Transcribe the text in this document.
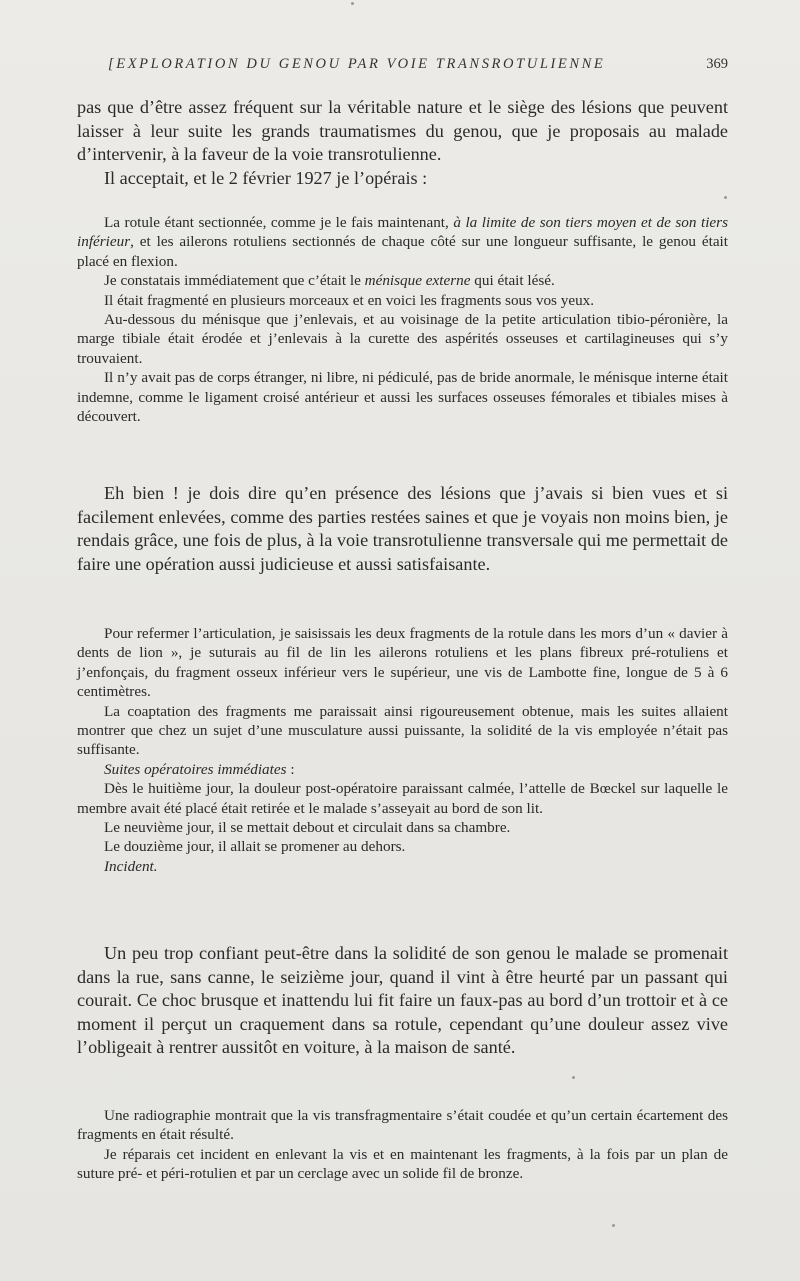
[EXPLORATION DU GENOU PAR VOIE TRANSROTULIENNE	369

pas que d’être assez fréquent sur la véritable nature et le siège des lésions que peuvent laisser à leur suite les grands traumatismes du genou, que je proposais au malade d’intervenir, à la faveur de la voie transrotulienne.

Il acceptait, et le 2 février 1927 je l’opérais :

La rotule étant sectionnée, comme je le fais maintenant, à la limite de son tiers moyen et de son tiers inférieur, et les ailerons rotuliens sectionnés de chaque côté sur une longueur suffisante, le genou était placé en flexion.

Je constatais immédiatement que c’était le ménisque externe qui était lésé.

Il était fragmenté en plusieurs morceaux et en voici les fragments sous vos yeux.

Au-dessous du ménisque que j’enlevais, et au voisinage de la petite articulation tibio-péronière, la marge tibiale était érodée et j’enlevais à la curette des aspérités osseuses et cartilagineuses qui s’y trouvaient.

Il n’y avait pas de corps étranger, ni libre, ni pédiculé, pas de bride anormale, le ménisque interne était indemne, comme le ligament croisé antérieur et aussi les surfaces osseuses fémorales et tibiales mises à découvert.

Eh bien ! je dois dire qu’en présence des lésions que j’avais si bien vues et si facilement enlevées, comme des parties restées saines et que je voyais non moins bien, je rendais grâce, une fois de plus, à la voie transrotulienne transversale qui me permettait de faire une opération aussi judicieuse et aussi satisfaisante.

Pour refermer l’articulation, je saisissais les deux fragments de la rotule dans les mors d’un « davier à dents de lion », je suturais au fil de lin les ailerons rotuliens et les plans fibreux pré-rotuliens et j’enfonçais, du fragment osseux inférieur vers le supérieur, une vis de Lambotte fine, longue de 5 à 6 centimètres.

La coaptation des fragments me paraissait ainsi rigoureusement obtenue, mais les suites allaient montrer que chez un sujet d’une musculature aussi puissante, la solidité de la vis employée n’était pas suffisante.

Suites opératoires immédiates :

Dès le huitième jour, la douleur post-opératoire paraissant calmée, l’attelle de Bœckel sur laquelle le membre avait été placé était retirée et le malade s’asseyait au bord de son lit.

Le neuvième jour, il se mettait debout et circulait dans sa chambre.

Le douzième jour, il allait se promener au dehors.

Incident.

Un peu trop confiant peut-être dans la solidité de son genou le malade se promenait dans la rue, sans canne, le seizième jour, quand il vint à être heurté par un passant qui courait. Ce choc brusque et inattendu lui fit faire un faux-pas au bord d’un trottoir et à ce moment il perçut un craquement dans sa rotule, cependant qu’une douleur assez vive l’obligeait à rentrer aussitôt en voiture, à la maison de santé.

Une radiographie montrait que la vis transfragmentaire s’était coudée et qu’un certain écartement des fragments en était résulté.

Je réparais cet incident en enlevant la vis et en maintenant les fragments, à la fois par un plan de suture pré- et péri-rotulien et par un cerclage avec un solide fil de bronze.
